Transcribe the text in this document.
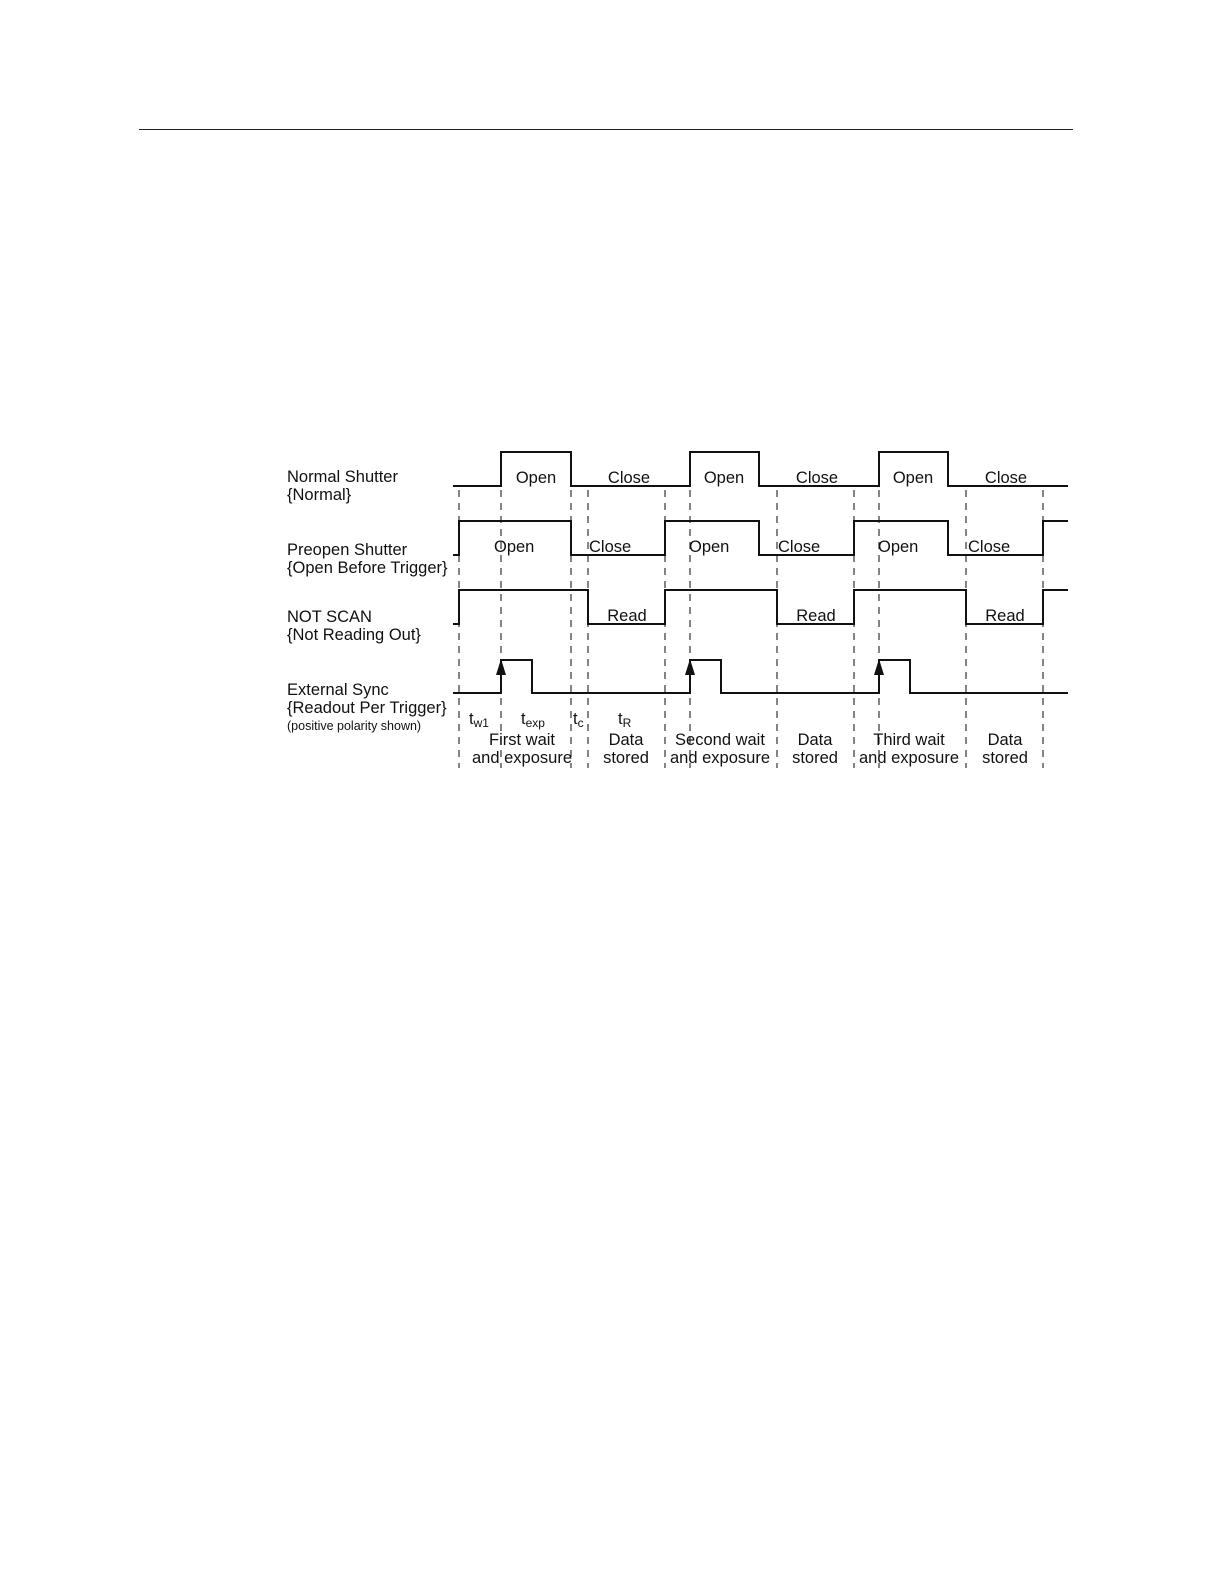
Normal Shutter
{Normal}
Preopen Shutter
{Open Before Trigger}
NOT SCAN
{Not Reading Out}
External Sync
{Readout Per Trigger}
(positive polarity shown)
Open	Close	Open	Close	Open	Close
Open	Close	Open	Close	Open	Close
Read	Read	Read
tw1 texp tc tR
First wait
and exposure
Data
stored
Second wait
and exposure
Data
stored
Third wait
and exposure
Data
stored
